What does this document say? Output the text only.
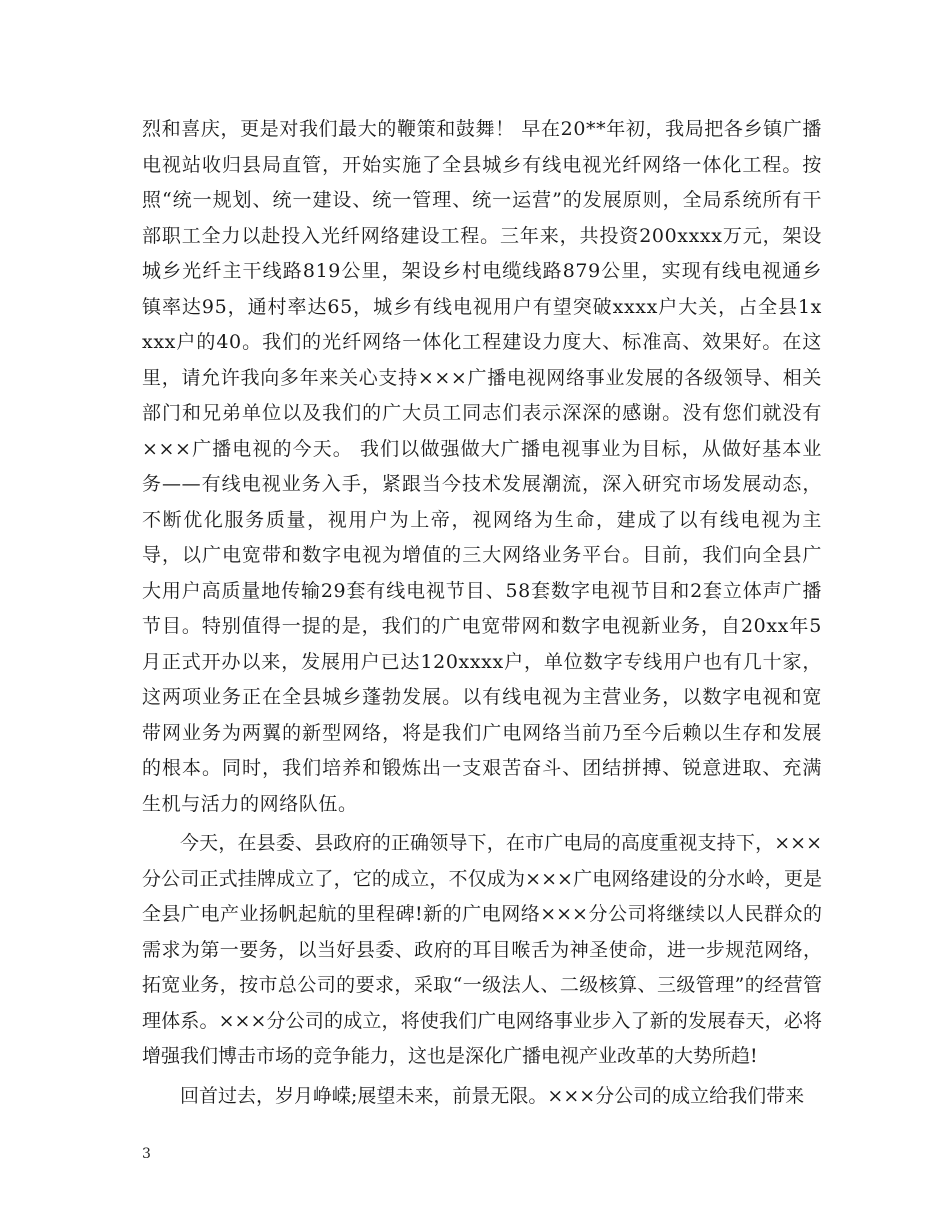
烈和喜庆，更是对我们最大的鞭策和鼓舞！ 早在20**年初，我局把各乡镇广播电视站收归县局直管，开始实施了全县城乡有线电视光纤网络一体化工程。按照“统一规划、统一建设、统一管理、统一运营”的发展原则，全局系统所有干部职工全力以赴投入光纤网络建设工程。三年来，共投资200xxxx万元，架设城乡光纤主干线路819公里，架设乡村电缆线路879公里，实现有线电视通乡镇率达95，通村率达65，城乡有线电视用户有望突破xxxx户大关，占全县1xxxx户的40。我们的光纤网络一体化工程建设力度大、标准高、效果好。在这里，请允许我向多年来关心支持×××广播电视网络事业发展的各级领导、相关部门和兄弟单位以及我们的广大员工同志们表示深深的感谢。没有您们就没有×××广播电视的今天。 我们以做强做大广播电视事业为目标，从做好基本业务——有线电视业务入手，紧跟当今技术发展潮流，深入研究市场发展动态，不断优化服务质量，视用户为上帝，视网络为生命，建成了以有线电视为主导，以广电宽带和数字电视为增值的三大网络业务平台。目前，我们向全县广大用户高质量地传输29套有线电视节目、58套数字电视节目和2套立体声广播节目。特别值得一提的是，我们的广电宽带网和数字电视新业务，自20xx年5月正式开办以来，发展用户已达120xxxx户，单位数字专线用户也有几十家，这两项业务正在全县城乡蓬勃发展。以有线电视为主营业务，以数字电视和宽带网业务为两翼的新型网络，将是我们广电网络当前乃至今后赖以生存和发展的根本。同时，我们培养和锻炼出一支艰苦奋斗、团结拼搏、锐意进取、充满生机与活力的网络队伍。

今天，在县委、县政府的正确领导下，在市广电局的高度重视支持下，×××分公司正式挂牌成立了，它的成立，不仅成为×××广电网络建设的分水岭，更是全县广电产业扬帆起航的里程碑!新的广电网络×××分公司将继续以人民群众的需求为第一要务，以当好县委、政府的耳目喉舌为神圣使命，进一步规范网络，拓宽业务，按市总公司的要求，采取“一级法人、二级核算、三级管理”的经营管理体系。×××分公司的成立，将使我们广电网络事业步入了新的发展春天，必将增强我们博击市场的竞争能力，这也是深化广播电视产业改革的大势所趋!

回首过去，岁月峥嵘;展望未来，前景无限。×××分公司的成立给我们带来

3
